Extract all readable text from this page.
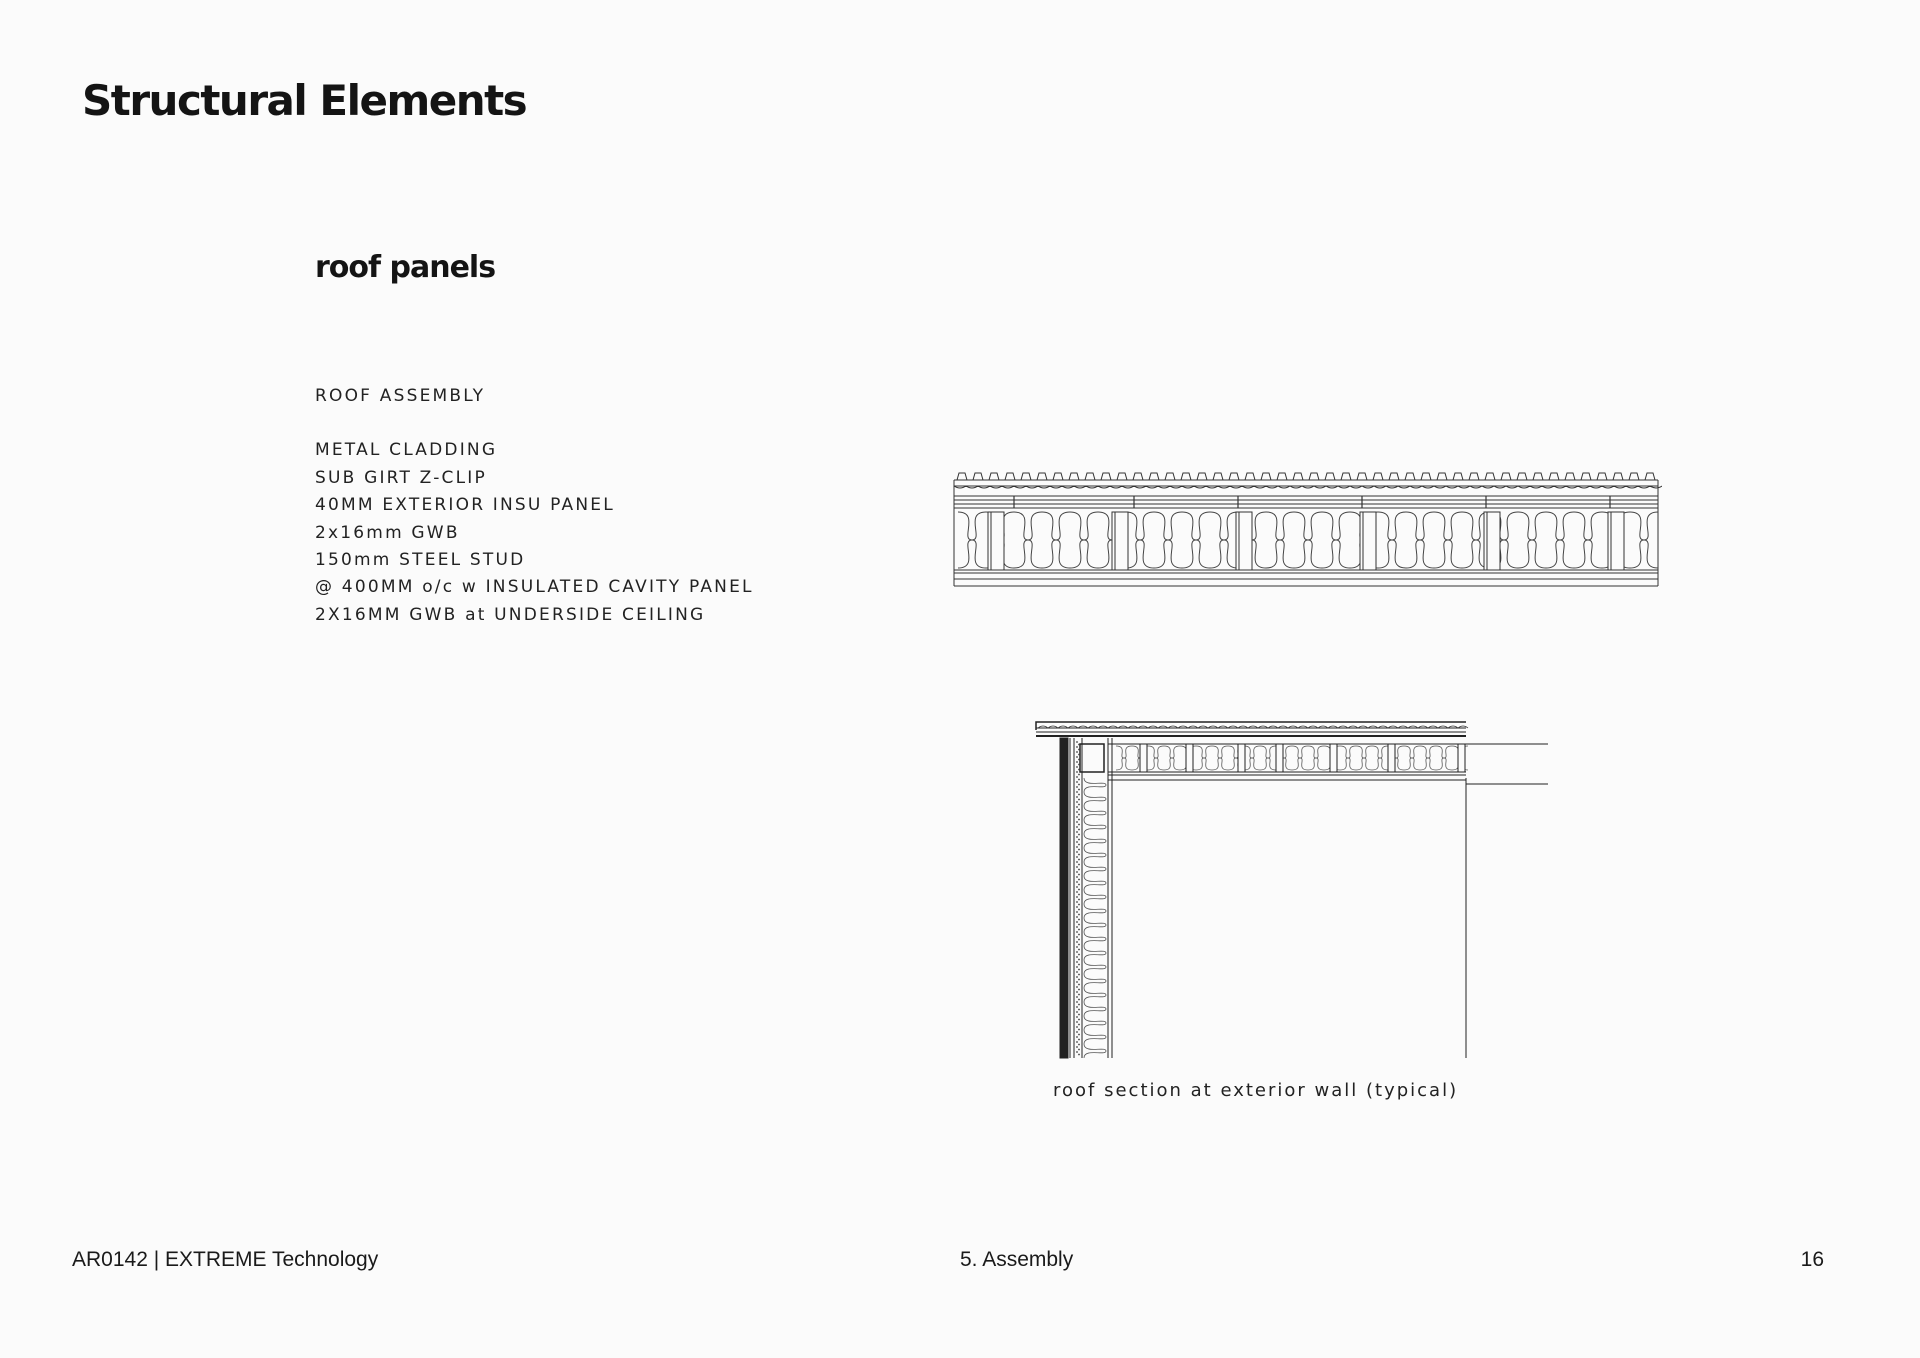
Structural Elements
roof panels
ROOF ASSEMBLY
METAL CLADDING
SUB GIRT Z-CLIP
40MM EXTERIOR INSU PANEL
2x16mm GWB
150mm STEEL STUD
@ 400MM o/c w INSULATED CAVITY PANEL
2X16MM GWB at UNDERSIDE CEILING
roof section at exterior wall (typical)
AR0142 | EXTREME Technology	5. Assembly	16
